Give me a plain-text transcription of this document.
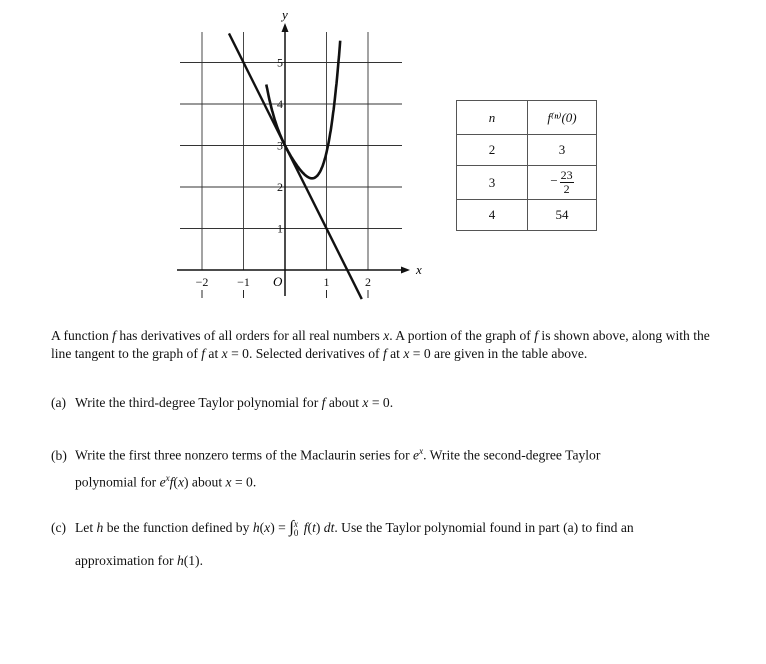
−2 −1	1	2
1
2
3
4
5
y
x
O
n	f⁽ⁿ⁾(0)
2	3
3	− $\frac{23}{2}$

4	54

A function f has derivatives of all orders for all real numbers x. A portion of the graph of f is shown above, along with the line tangent to the graph of f at x = 0. Selected derivatives of f at x = 0 are given in the table above.

(a) Write the third-degree Taylor polynomial for f about x = 0.

(b) Write the first three nonzero terms of the Maclaurin series for $e^x$. Write the second-degree Taylor
polynomial for $e^xf(x)$ about x = 0.

(c) Let h be the function defined by h(x) = ∫x
0 f(t) dt. Use the Taylor polynomial found in part (a) to find an

approximation for h(1).
